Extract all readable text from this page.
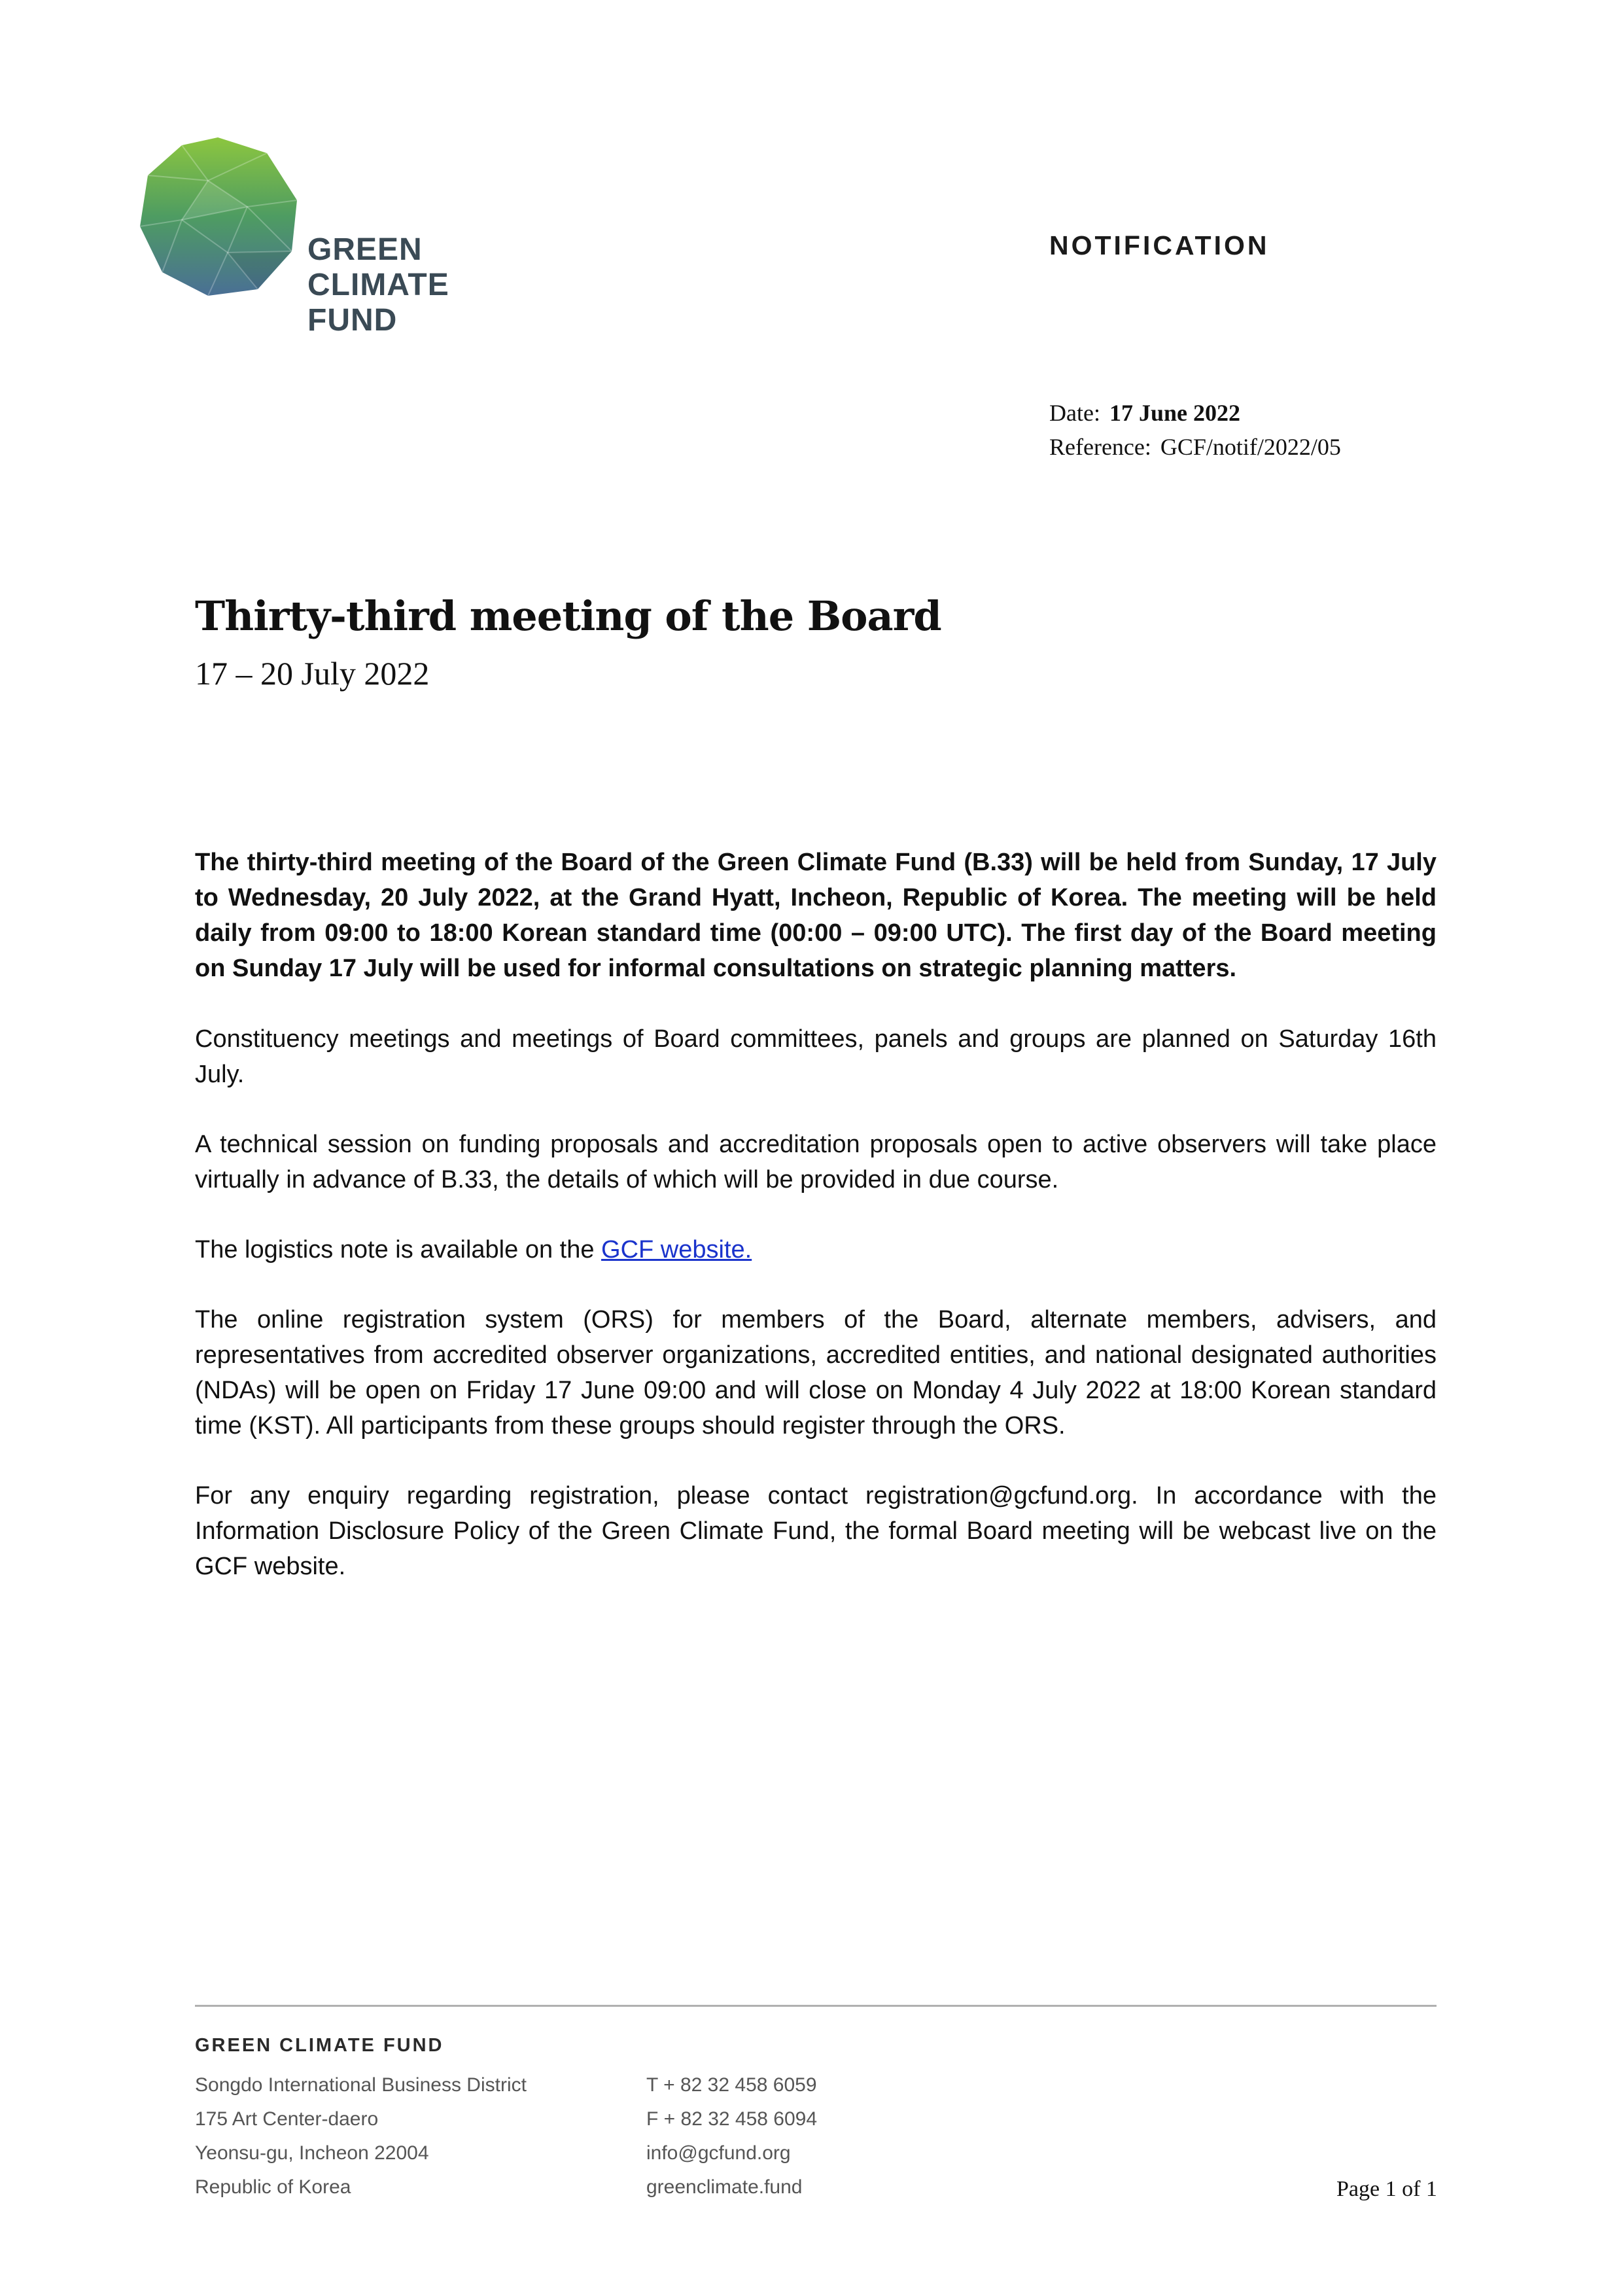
GREEN
CLIMATE
FUND
NOTIFICATION
Date: 17 June 2022
Reference: GCF/notif/2022/05
Thirty-third meeting of the Board
17 – 20 July 2022
The thirty-third meeting of the Board of the Green Climate Fund (B.33) will be held from Sunday, 17 July to Wednesday, 20 July 2022, at the Grand Hyatt, Incheon, Republic of Korea. The meeting will be held daily from 09:00 to 18:00 Korean standard time (00:00 – 09:00 UTC). The first day of the Board meeting on Sunday 17 July will be used for informal consultations on strategic planning matters.
Constituency meetings and meetings of Board committees, panels and groups are planned on Saturday 16th July.
A technical session on funding proposals and accreditation proposals open to active observers will take place virtually in advance of B.33, the details of which will be provided in due course.
The logistics note is available on the GCF website.
The online registration system (ORS) for members of the Board, alternate members, advisers, and representatives from accredited observer organizations, accredited entities, and national designated authorities (NDAs) will be open on Friday 17 June 09:00 and will close on Monday 4 July 2022 at 18:00 Korean standard time (KST). All participants from these groups should register through the ORS.
For any enquiry regarding registration, please contact registration@gcfund.org. In accordance with the Information Disclosure Policy of the Green Climate Fund, the formal Board meeting will be webcast live on the GCF website.
GREEN CLIMATE FUND
Songdo International Business District
175 Art Center-daero
Yeonsu-gu, Incheon 22004
Republic of Korea
T + 82 32 458 6059
F + 82 32 458 6094
info@gcfund.org
greenclimate.fund	Page 1 of 1
